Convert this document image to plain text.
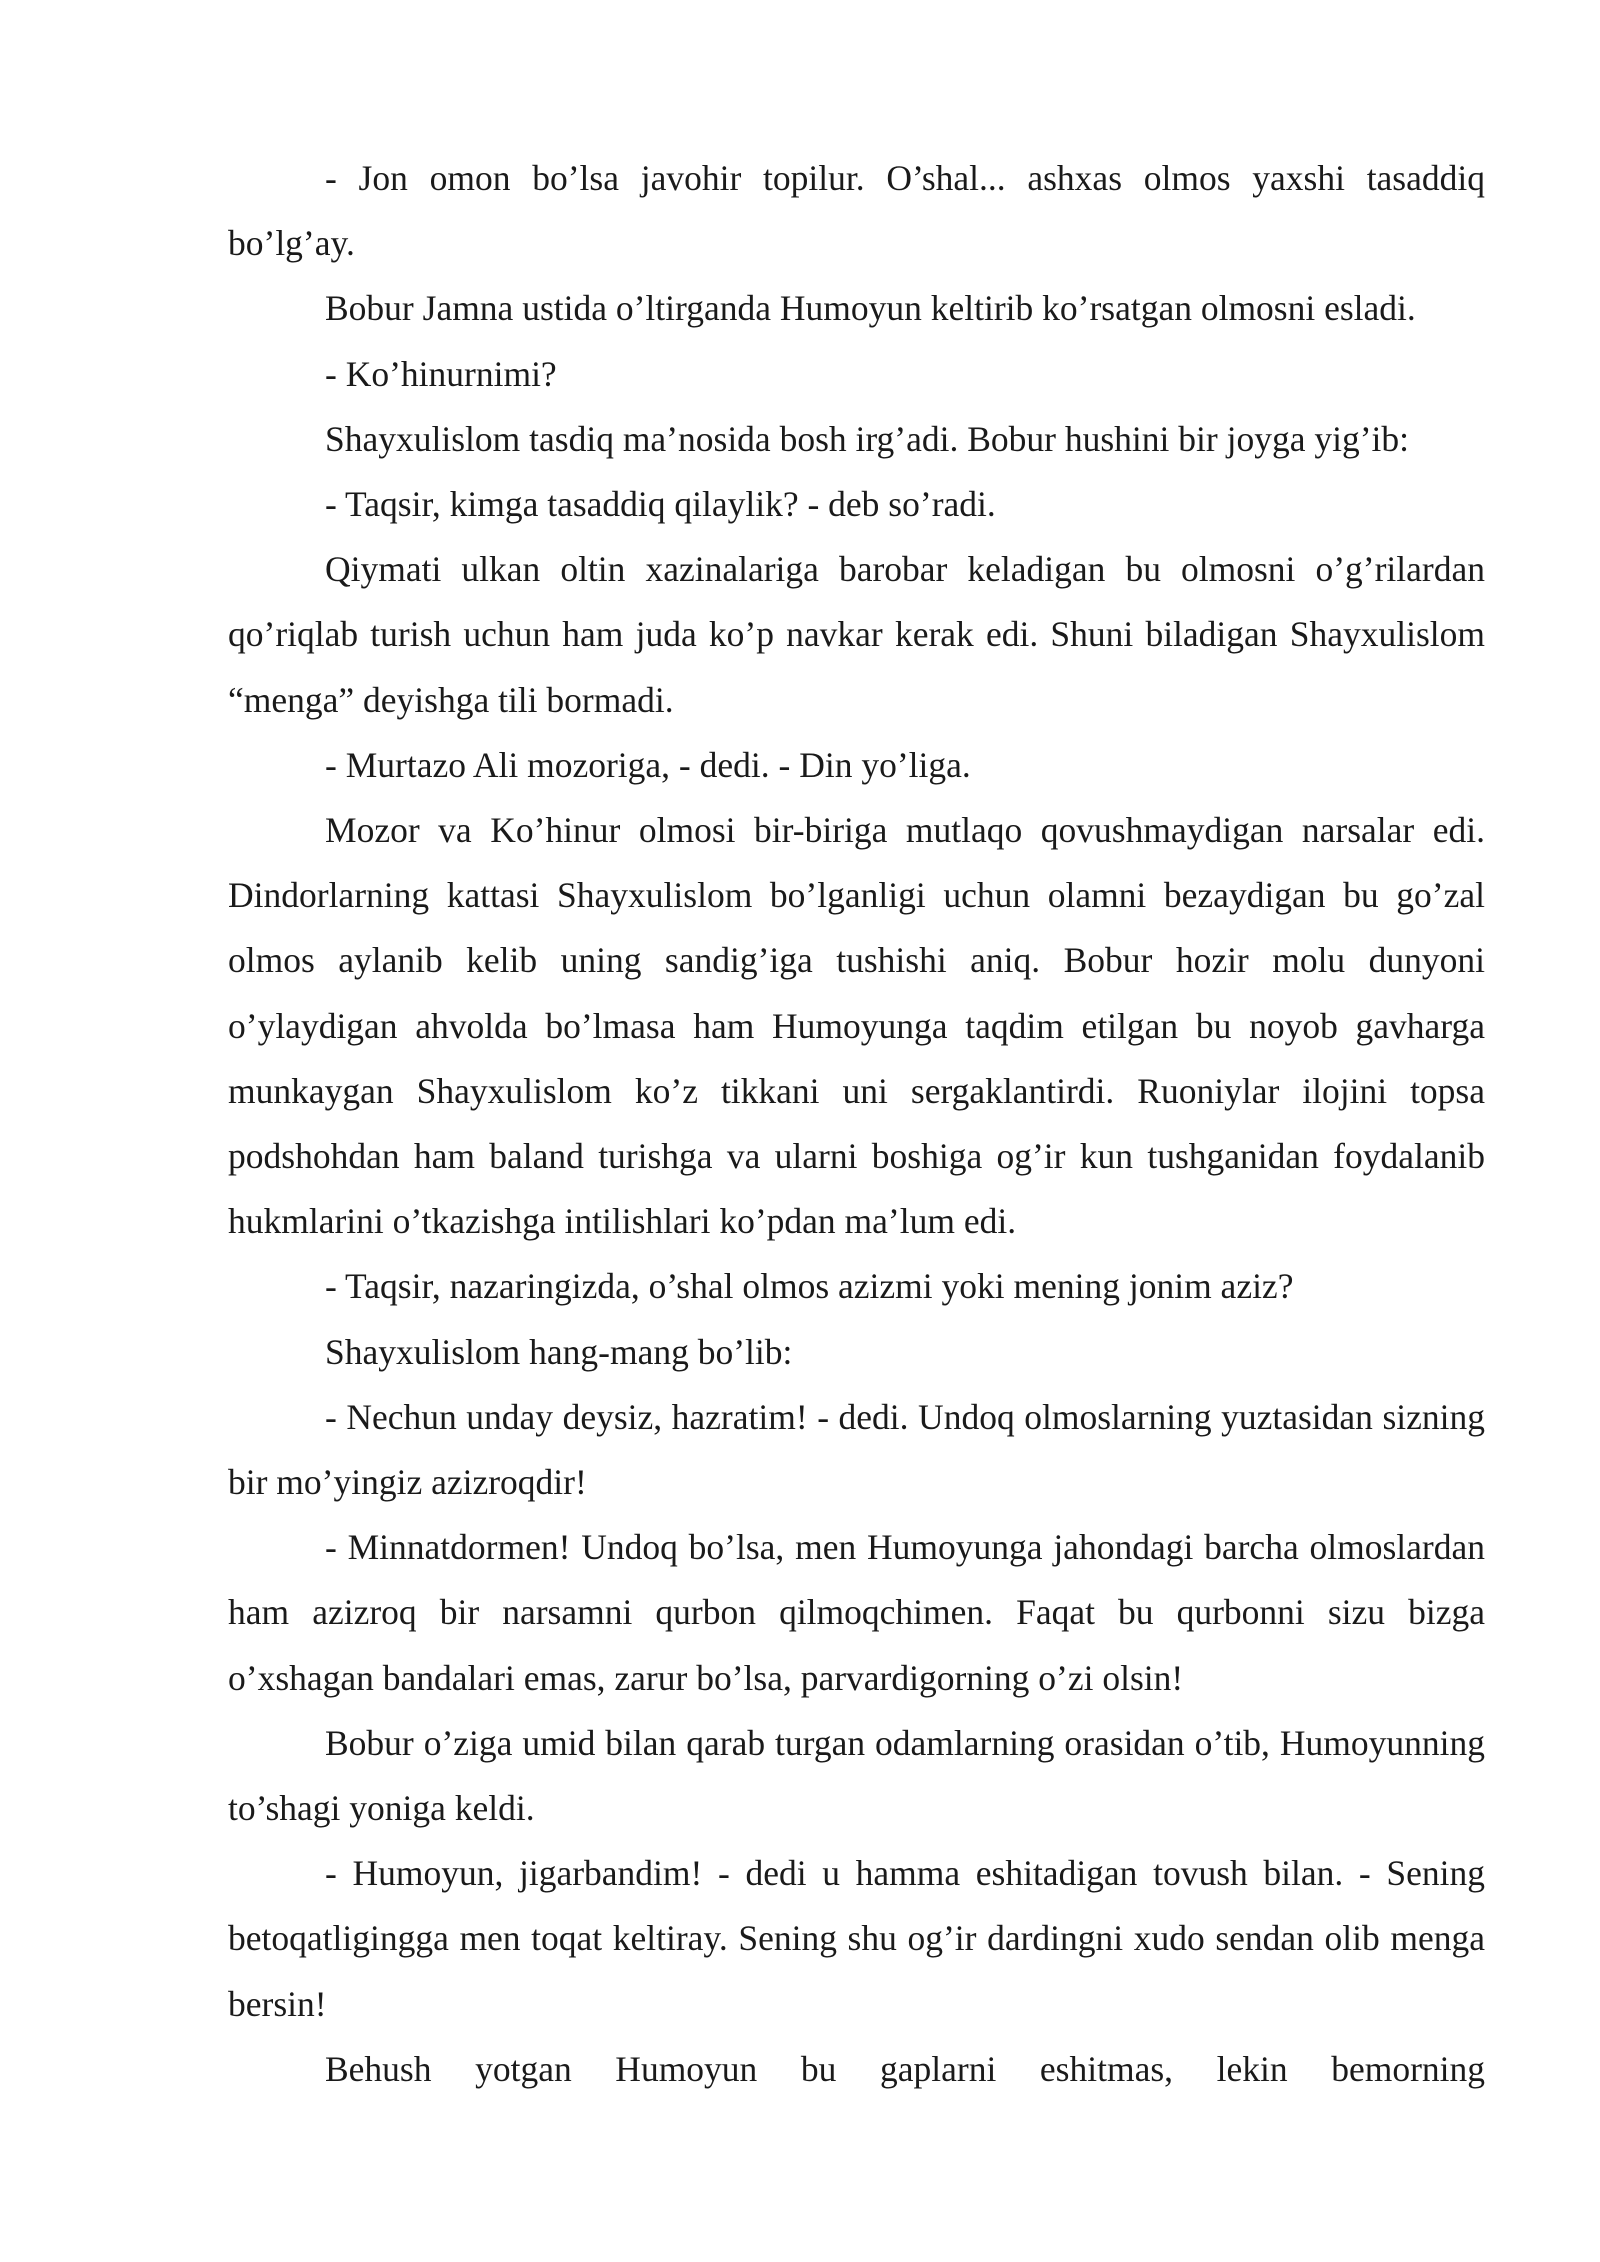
- Jon omon bo’lsa javohir topilur. O’shal... ashxas olmos yaxshi tasaddiq bo’lg’ay.

Bobur Jamna ustida o’ltirganda Humoyun keltirib ko’rsatgan olmosni esladi.

- Ko’hinurnimi?

Shayxulislom tasdiq ma’nosida bosh irg’adi. Bobur hushini bir joyga yig’ib:

- Taqsir, kimga tasaddiq qilaylik? - deb so’radi.

Qiymati ulkan oltin xazinalariga barobar keladigan bu olmosni o’g’rilardan qo’riqlab turish uchun ham juda ko’p navkar kerak edi. Shuni biladigan Shayxulislom “menga” deyishga tili bormadi.

- Murtazo Ali mozoriga, - dedi. - Din yo’liga.

Mozor va Ko’hinur olmosi bir-biriga mutlaqo qovushmaydigan narsalar edi. Dindorlarning kattasi Shayxulislom bo’lganligi uchun olamni bezaydigan bu go’zal olmos aylanib kelib uning sandig’iga tushishi aniq. Bobur hozir molu dunyoni o’ylaydigan ahvolda bo’lmasa ham Humoyunga taqdim etilgan bu noyob gavharga munkaygan Shayxulislom ko’z tikkani uni sergaklantirdi. Ruoniylar ilojini topsa podshohdan ham baland turishga va ularni boshiga og’ir kun tushganidan foydalanib hukmlarini o’tkazishga intilishlari ko’pdan ma’lum edi.

- Taqsir, nazaringizda, o’shal olmos azizmi yoki mening jonim aziz?

Shayxulislom hang-mang bo’lib:

- Nechun unday deysiz, hazratim! - dedi. Undoq olmoslarning yuztasidan sizning bir mo’yingiz azizroqdir!

- Minnatdormen! Undoq bo’lsa, men Humoyunga jahondagi barcha olmoslardan ham azizroq bir narsamni qurbon qilmoqchimen. Faqat bu qurbonni sizu bizga o’xshagan bandalari emas, zarur bo’lsa, parvardigorning o’zi olsin!

Bobur o’ziga umid bilan qarab turgan odamlarning orasidan o’tib, Humoyunning to’shagi yoniga keldi.

- Humoyun, jigarbandim! - dedi u hamma eshitadigan tovush bilan. - Sening betoqatligingga men toqat keltiray. Sening shu og’ir dardingni xudo sendan olib menga bersin!

Behush yotgan Humoyun bu gaplarni eshitmas, lekin bemorning
